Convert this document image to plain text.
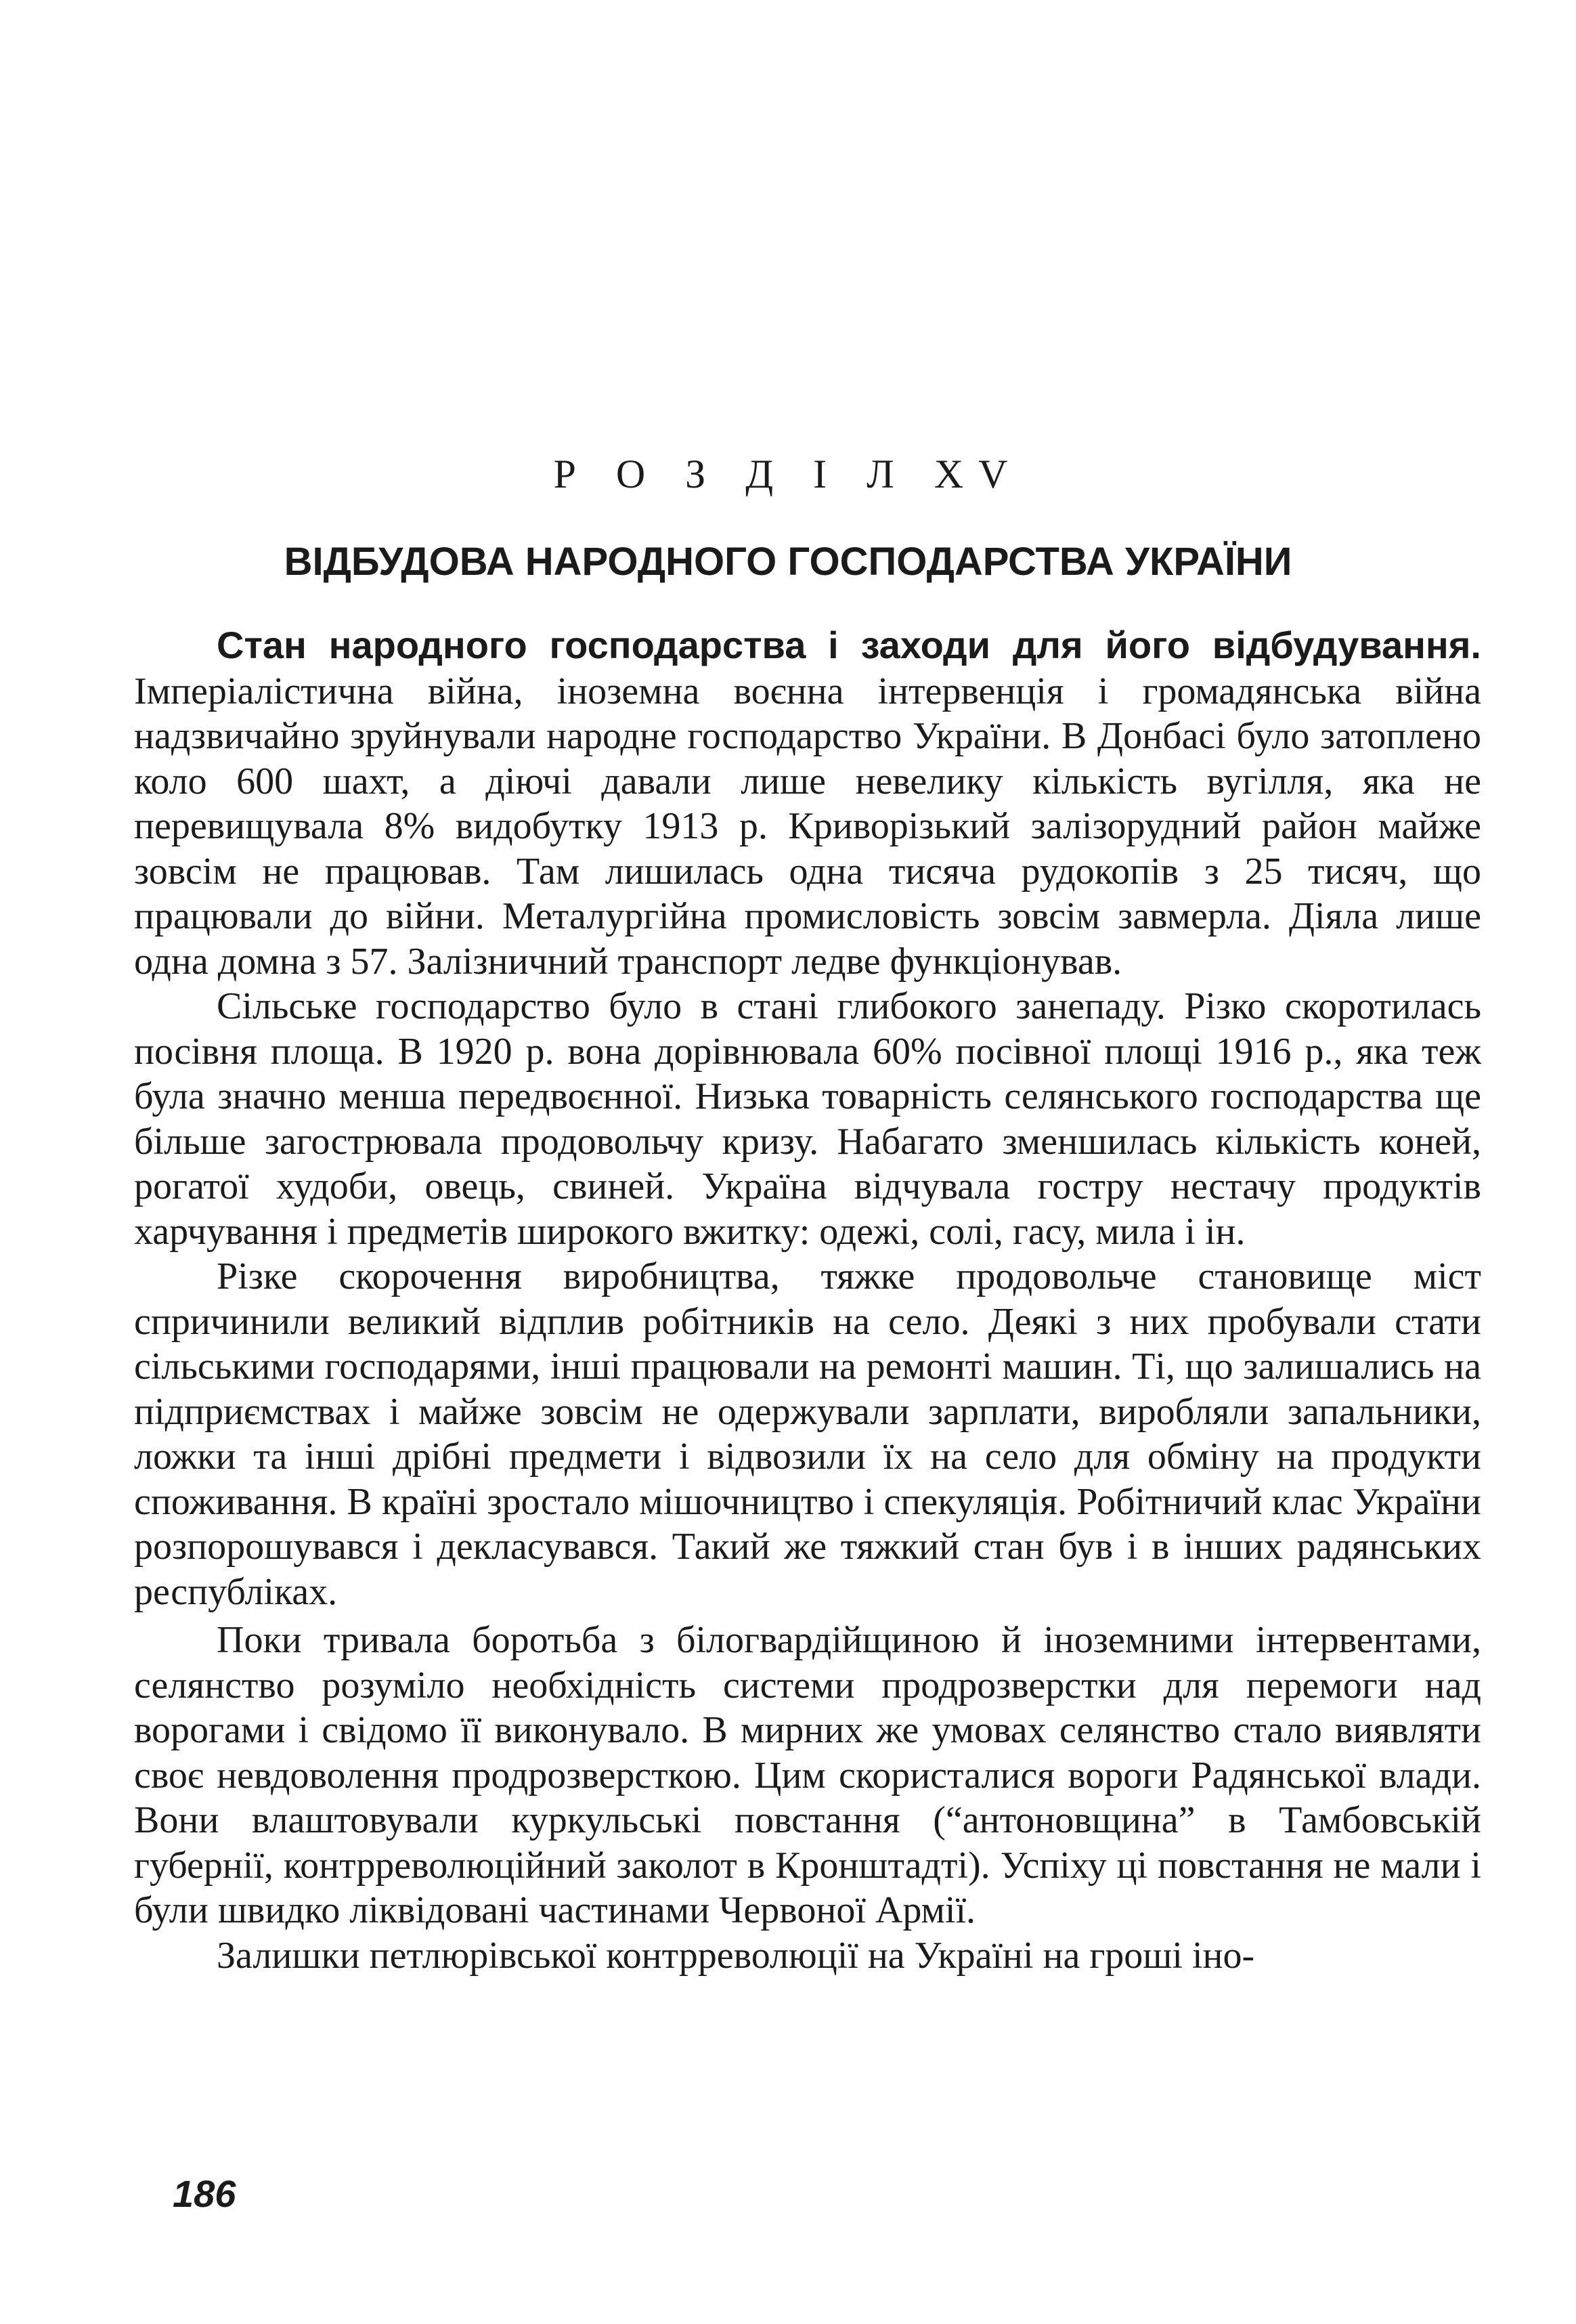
Р О З Д І Л XV
ВІДБУДОВА НАРОДНОГО ГОСПОДАРСТВА УКРАЇНИ

Стан народного господарства і заходи для його відбудування. Імперіалістична війна, іноземна воєнна інтервенція і громадянська війна надзвичайно зруйнували народне господарство України. В Донбасі було затоплено коло 600 шахт, а діючі давали лише невелику кількість вугілля, яка не перевищувала 8% видобутку 1913 р. Криворізький залізорудний район майже зовсім не працював. Там лишилась одна тисяча рудокопів з 25 тисяч, що працювали до війни. Металургійна промисловість зовсім завмерла. Діяла лише одна домна з 57. Залізничний транспорт ледве функціонував.

Сільське господарство було в стані глибокого занепаду. Різко скоротилась посівня площа. В 1920 р. вона дорівнювала 60% посівної площі 1916 р., яка теж була значно менша передвоєнної. Низька товарність селянського господарства ще більше загострювала продовольчу кризу. Набагато зменшилась кількість коней, рогатої худоби, овець, свиней. Україна відчувала гостру нестачу продуктів харчування і предметів широкого вжитку: одежі, солі, гасу, мила і ін.

Різке скорочення виробництва, тяжке продовольче становище міст спричинили великий відплив робітників на село. Деякі з них пробували стати сільськими господарями, інші працювали на ремонті машин. Ті, що залишались на підприємствах і майже зовсім не одержували зарплати, виробляли запальники, ложки та інші дрібні предмети і відвозили їх на село для обміну на продукти споживання. В країні зростало мішочництво і спекуляція. Робітничий клас України розпорошувався і декласувався. Такий же тяжкий стан був і в інших радянських республіках.

Поки тривала боротьба з білогвардійщиною й іноземними інтервентами, селянство розуміло необхідність системи продрозверстки для перемоги над ворогами і свідомо її виконувало. В мирних же умовах селянство стало виявляти своє невдоволення продрозверсткою. Цим скористалися вороги Радянської влади. Вони влаштовували куркульські повстання (“антоновщина” в Тамбовській губернії, контрреволюційний заколот в Кронштадті). Успіху ці повстання не мали і були швидко ліквідовані частинами Червоної Армії.

Залишки петлюрівської контрреволюції на Україні на гроші іно-

186
